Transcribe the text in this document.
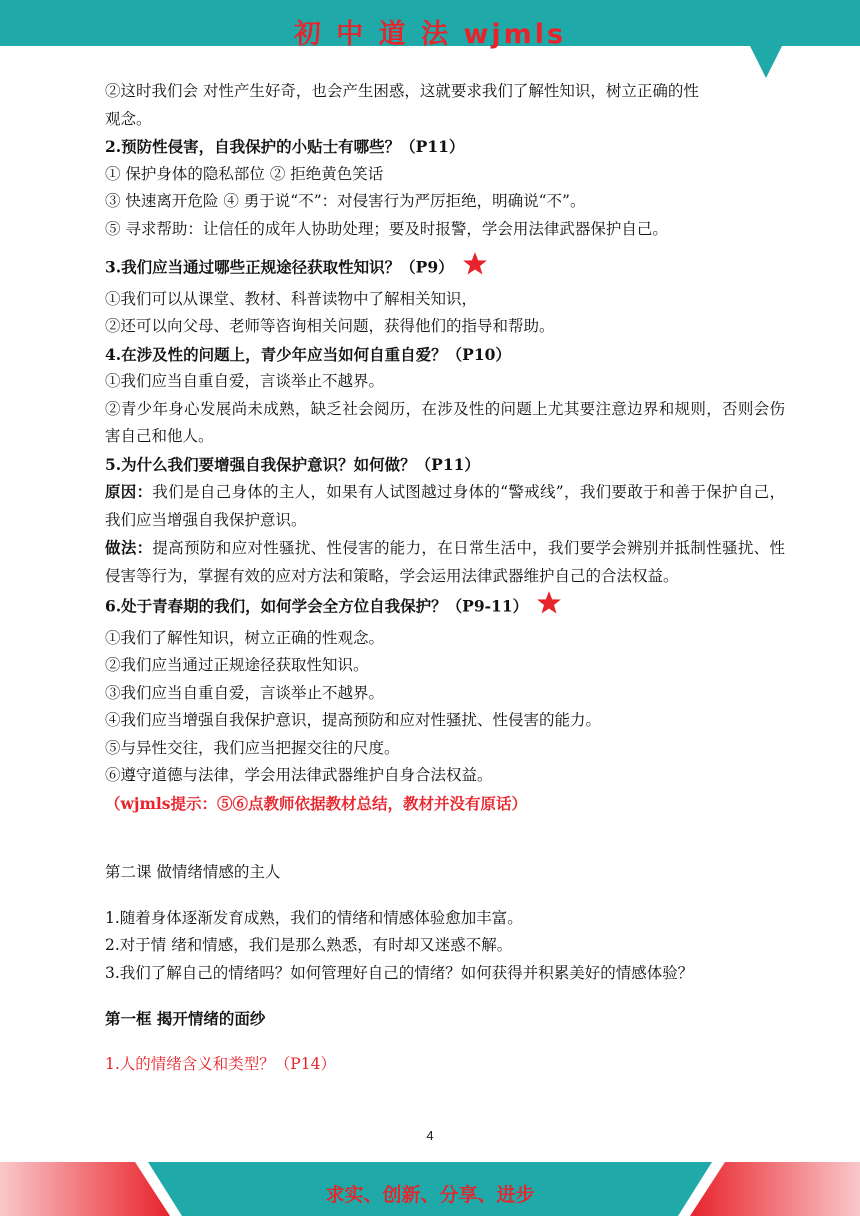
初 中 道 法 wjmls
②这时我们会 对性产生好奇，也会产生困惑，这就要求我们了解性知识，树立正确的性
观念。
2.预防性侵害，自我保护的小贴士有哪些？（P11）
① 保护身体的隐私部位 ② 拒绝黄色笑话
③ 快速离开危险 ④ 勇于说“不”：对侵害行为严厉拒绝，明确说“不”。
⑤ 寻求帮助：让信任的成年人协助处理；要及时报警，学会用法律武器保护自己。
3.我们应当通过哪些正规途径获取性知识？（P9）
①我们可以从课堂、教材、科普读物中了解相关知识，
②还可以向父母、老师等咨询相关问题，获得他们的指导和帮助。
4.在涉及性的问题上，青少年应当如何自重自爱？（P10）
①我们应当自重自爱，言谈举止不越界。
②青少年身心发展尚未成熟，缺乏社会阅历，在涉及性的问题上尤其要注意边界和规则，否则会伤害自己和他人。
5.为什么我们要增强自我保护意识？如何做？（P11）
原因：我们是自己身体的主人，如果有人试图越过身体的“警戒线”，我们要敢于和善于保护自己，我们应当增强自我保护意识。
做法：提高预防和应对性骚扰、性侵害的能力，在日常生活中，我们要学会辨别并抵制性骚扰、性侵害等行为，掌握有效的应对方法和策略，学会运用法律武器维护自己的合法权益。
6.处于青春期的我们，如何学会全方位自我保护？（P9-11）
①我们了解性知识，树立正确的性观念。
②我们应当通过正规途径获取性知识。
③我们应当自重自爱，言谈举止不越界。
④我们应当增强自我保护意识，提高预防和应对性骚扰、性侵害的能力。
⑤与异性交往，我们应当把握交往的尺度。
⑥遵守道德与法律，学会用法律武器维护自身合法权益。
（wjmls提示：⑤⑥点教师依据教材总结，教材并没有原话）
第二课 做情绪情感的主人
1.随着身体逐渐发育成熟，我们的情绪和情感体验愈加丰富。
2.对于情 绪和情感，我们是那么熟悉，有时却又迷惑不解。
3.我们了解自己的情绪吗？如何管理好自己的情绪？如何获得并积累美好的情感体验？
第一框 揭开情绪的面纱
1.人的情绪含义和类型？（P14）
4
求实、创新、分享、进步
